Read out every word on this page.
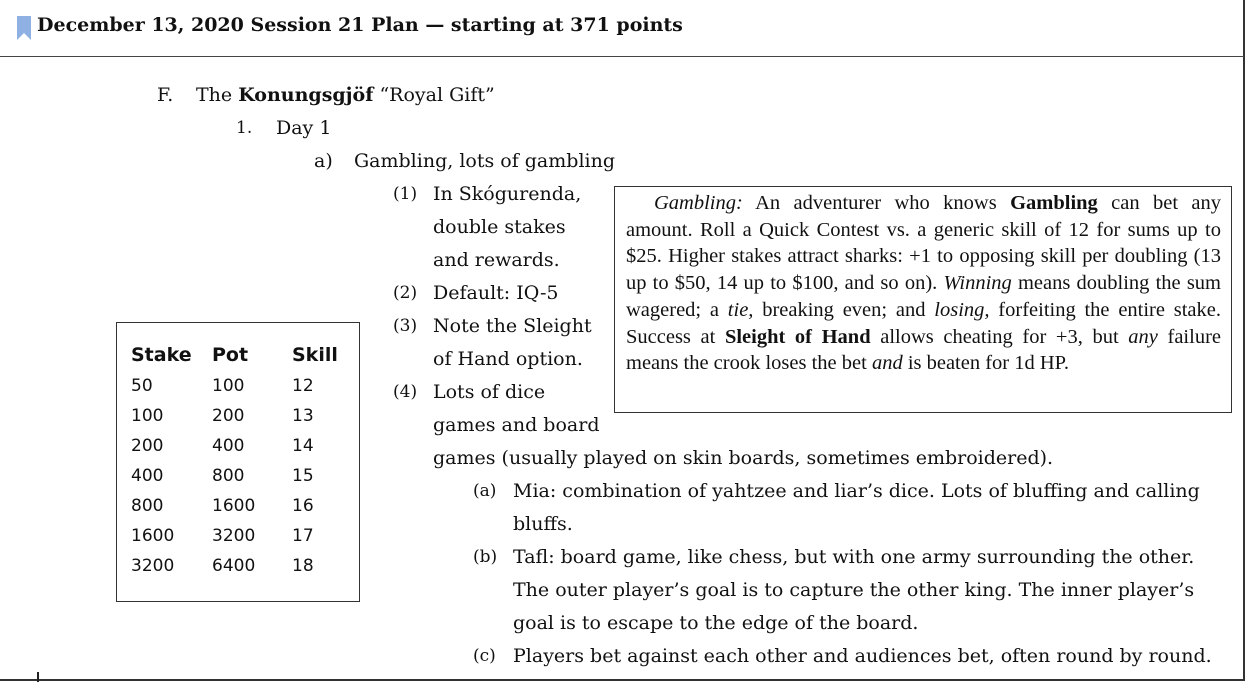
December 13, 2020 Session 21 Plan — starting at 371 points
F. The Konungsgjöf “Royal Gift”
1. Day 1
a) Gambling, lots of gambling
(1) In Skógurenda,
double stakes
and rewards.
(2) Default: IQ-5
(3) Note the Sleight
of Hand option.
(4) Lots of dice
games and board
games (usually played on skin boards, sometimes embroidered).
(a) Mia: combination of yahtzee and liar’s dice. Lots of bluffing and calling
bluffs.
(b) Tafl: board game, like chess, but with one army surrounding the other.
The outer player’s goal is to capture the other king. The inner player’s
goal is to escape to the edge of the board.
(c) Players bet against each other and audiences bet, often round by round.
Gambling: An adventurer who knows Gambling can bet any amount. Roll a Quick Contest vs. a generic skill of 12 for sums up to $25. Higher stakes attract sharks: +1 to opposing skill per doubling (13 up to $50, 14 up to $100, and so on). Winning means doubling the sum wagered; a tie, breaking even; and losing, forfeiting the entire stake. Success at Sleight of Hand allows cheating for +3, but any failure means the crook loses the bet and is beaten for 1d HP.
Stake	Pot	Skill
50	100	12
100	200	13
200	400	14
400	800	15
800	1600	16
1600	3200	17
3200	6400	18
